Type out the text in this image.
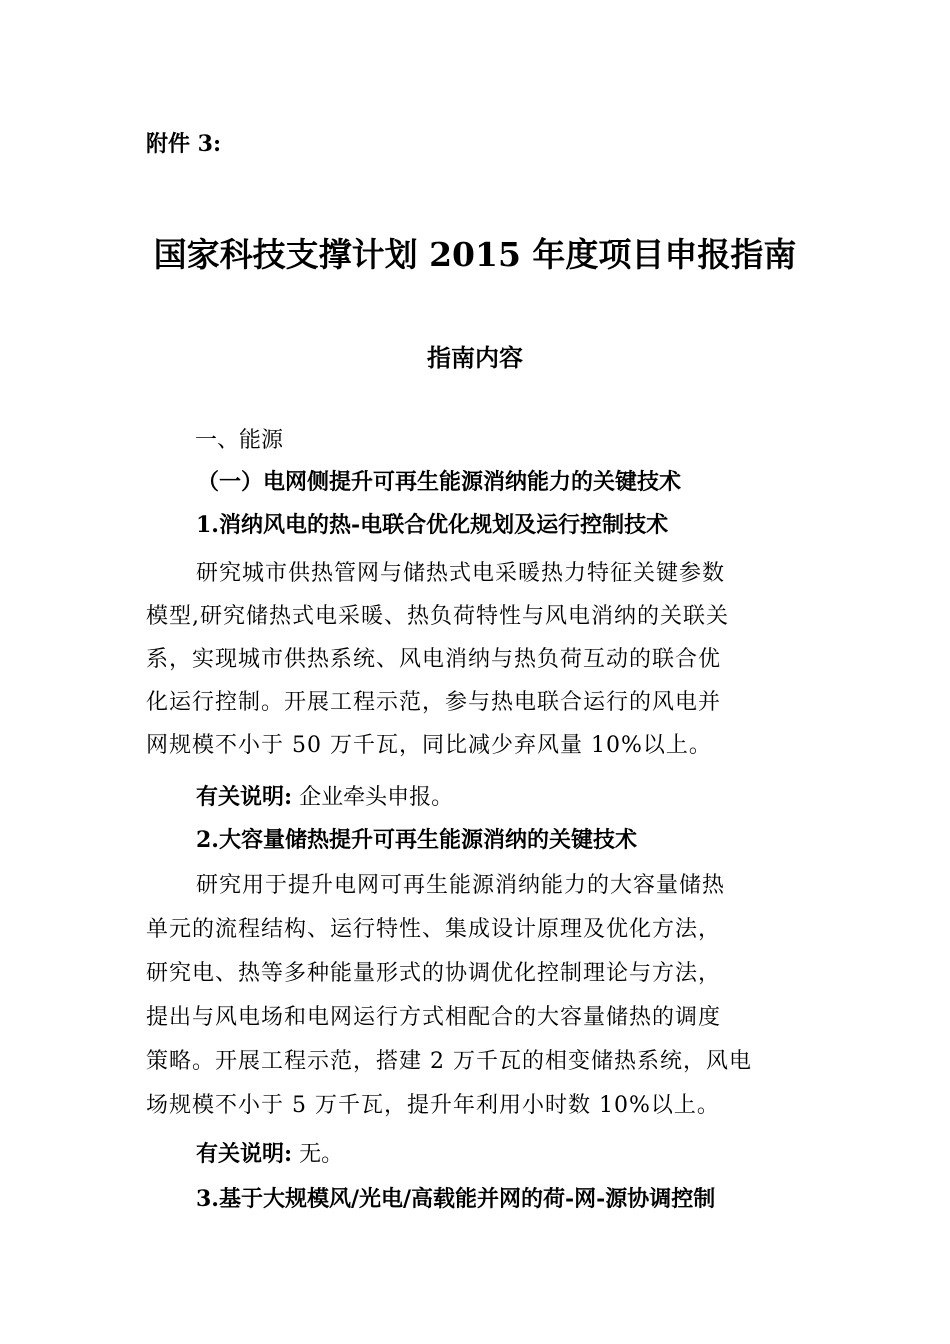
附件 3:
国家科技支撑计划 2015 年度项目申报指南
指南内容
一、能源
（一）电网侧提升可再生能源消纳能力的关键技术
1.消纳风电的热-电联合优化规划及运行控制技术
研究城市供热管网与储热式电采暖热力特征关键参数
模型,研究储热式电采暖、热负荷特性与风电消纳的关联关
系，实现城市供热系统、风电消纳与热负荷互动的联合优
化运行控制。开展工程示范，参与热电联合运行的风电并
网规模不小于 50 万千瓦，同比减少弃风量 10%以上。
有关说明: 企业牵头申报。
2.大容量储热提升可再生能源消纳的关键技术
研究用于提升电网可再生能源消纳能力的大容量储热
单元的流程结构、运行特性、集成设计原理及优化方法，
研究电、热等多种能量形式的协调优化控制理论与方法，
提出与风电场和电网运行方式相配合的大容量储热的调度
策略。开展工程示范，搭建 2 万千瓦的相变储热系统，风电
场规模不小于 5 万千瓦，提升年利用小时数 10%以上。
有关说明: 无。
3.基于大规模风/光电/高载能并网的荷-网-源协调控制
